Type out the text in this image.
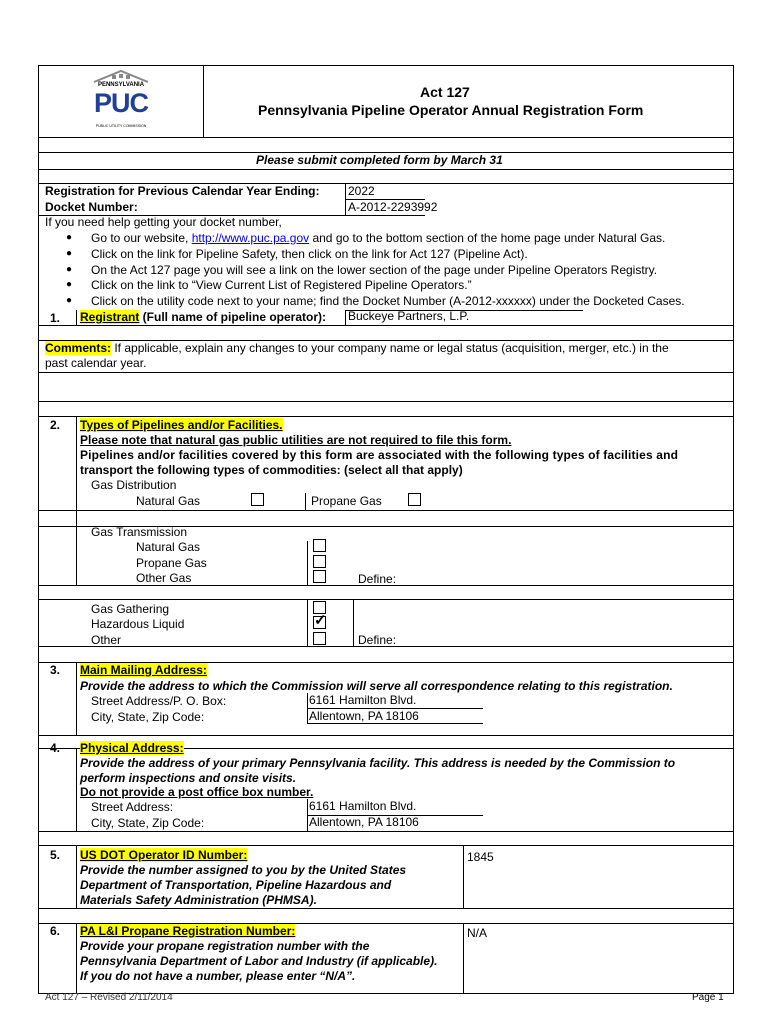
PENNSYLVANIA
PUC
PUBLIC UTILITY COMMISSION
Act 127
Pennsylvania Pipeline Operator Annual Registration Form
Please submit completed form by March 31
Registration for Previous Calendar Year Ending: 2022
Docket Number:	A-2012-2293992
If you need help getting your docket number,
● Go to our website, http://www.puc.pa.gov and go to the bottom section of the home page under Natural Gas.
● Click on the link for Pipeline Safety, then click on the link for Act 127 (Pipeline Act).
● On the Act 127 page you will see a link on the lower section of the page under Pipeline Operators Registry.
● Click on the link to “View Current List of Registered Pipeline Operators.”
● Click on the utility code next to your name; find the Docket Number (A-2012-xxxxxx) under the Docketed Cases.
1. Registrant (Full name of pipeline operator): Buckeye Partners, L.P.
Comments: If applicable, explain any changes to your company name or legal status (acquisition, merger, etc.) in the
past calendar year.
2. Types of Pipelines and/or Facilities.
Please note that natural gas public utilities are not required to file this form.
Pipelines and/or facilities covered by this form are associated with the following types of facilities and
transport the following types of commodities: (select all that apply)
Gas Distribution
Natural Gas	Propane Gas
Gas Transmission
Natural Gas
Propane Gas
Other Gas	Define:
Gas Gathering
Hazardous Liquid	✓
Other	Define:
3. Main Mailing Address:
Provide the address to which the Commission will serve all correspondence relating to this registration.
Street Address/P. O. Box:	6161 Hamilton Blvd.
City, State, Zip Code:	Allentown, PA 18106
4. Physical Address:
Provide the address of your primary Pennsylvania facility. This address is needed by the Commission to
perform inspections and onsite visits.
Do not provide a post office box number.
Street Address:	6161 Hamilton Blvd.
City, State, Zip Code:	Allentown, PA 18106
5. US DOT Operator ID Number:
Provide the number assigned to you by the United States
Department of Transportation, Pipeline Hazardous and
Materials Safety Administration (PHMSA).
1845
6. PA L&I Propane Registration Number:
Provide your propane registration number with the
Pennsylvania Department of Labor and Industry (if applicable).
If you do not have a number, please enter “N/A”.
N/A
Act 127 – Revised 2/11/2014	Page 1
